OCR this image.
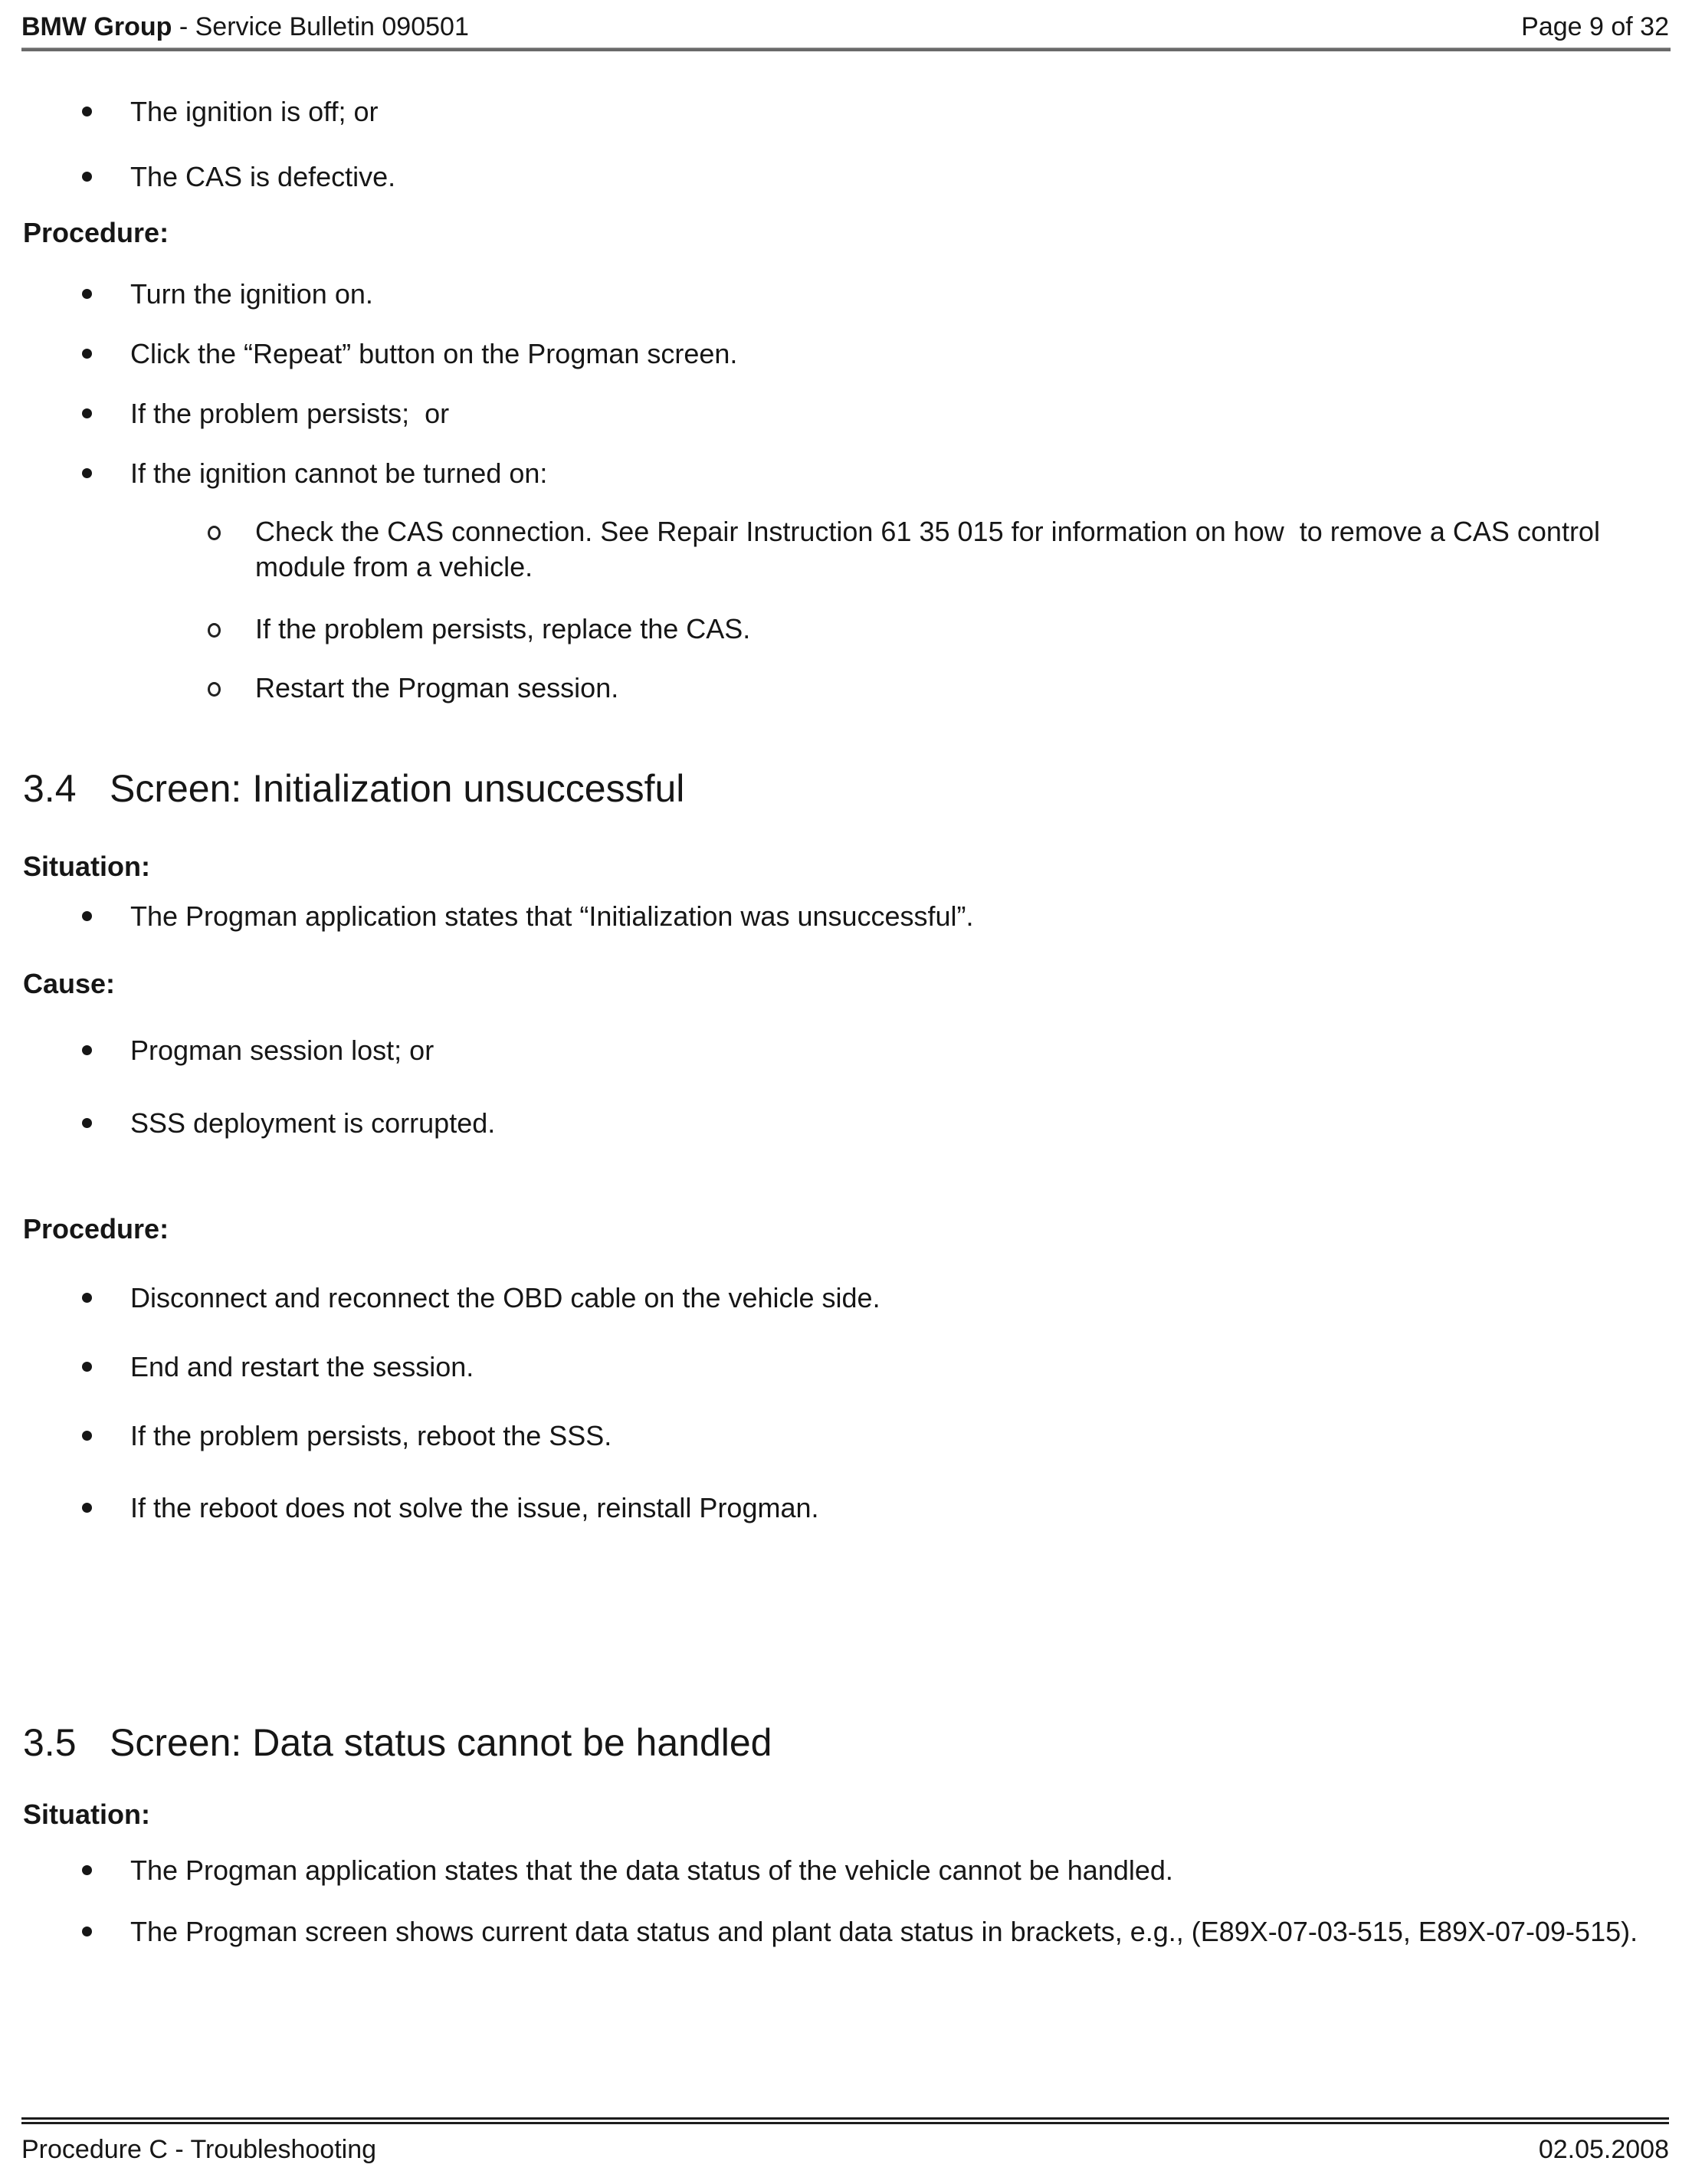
BMW Group - Service Bulletin 090501	Page 9 of 32
The ignition is off; or
The CAS is defective.
Procedure:
Turn the ignition on.
Click the “Repeat” button on the Progman screen.
If the problem persists;  or
If the ignition cannot be turned on:
Check the CAS connection. See Repair Instruction 61 35 015 for information on how  to remove a CAS control module from a vehicle.
If the problem persists, replace the CAS.
Restart the Progman session.
3.4 Screen: Initialization unsuccessful
Situation:
The Progman application states that “Initialization was unsuccessful”.
Cause:
Progman session lost; or
SSS deployment is corrupted.
Procedure:
Disconnect and reconnect the OBD cable on the vehicle side.
End and restart the session.
If the problem persists, reboot the SSS.
If the reboot does not solve the issue, reinstall Progman.
3.5 Screen: Data status cannot be handled
Situation:
The Progman application states that the data status of the vehicle cannot be handled.
The Progman screen shows current data status and plant data status in brackets, e.g., (E89X-07-03-515, E89X-07-09-515).
Procedure C - Troubleshooting	02.05.2008
